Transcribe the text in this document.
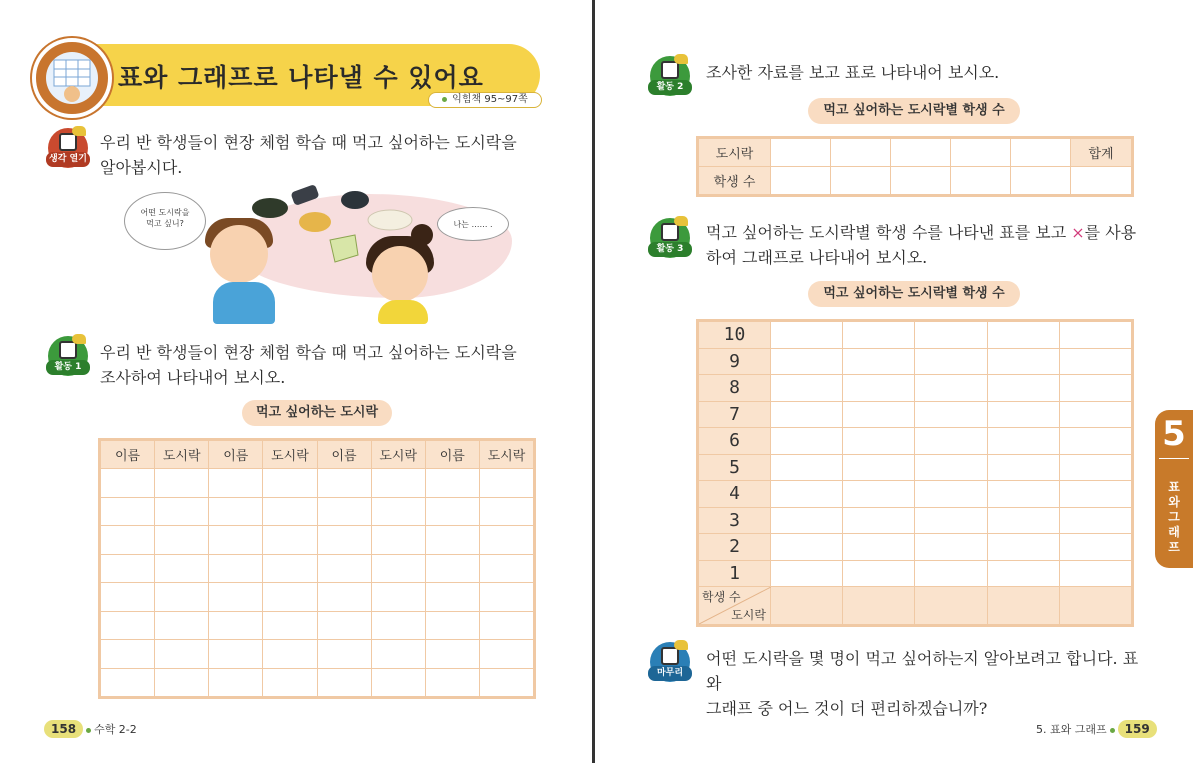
표와 그래프로 나타낼 수 있어요
익힘책 95~97쪽
생각 열기
우리 반 학생들이 현장 체험 학습 때 먹고 싶어하는 도시락을
알아봅시다.
어떤 도시락을 먹고 싶니?	나는 …… .
활동 1
우리 반 학생들이 현장 체험 학습 때 먹고 싶어하는 도시락을
조사하여 나타내어 보시오.
먹고 싶어하는 도시락
이름	도시락	이름	도시락	이름	도시락	이름	도시락

158 수학 2-2
활동 2
조사한 자료를 보고 표로 나타내어 보시오.
먹고 싶어하는 도시락별 학생 수
도시락						합계
학생 수						
활동 3
먹고 싶어하는 도시락별 학생 수를 나타낸 표를 보고 ×를 사용
하여 그래프로 나타내어 보시오.
먹고 싶어하는 도시락별 학생 수
10					
9					
8					
7					
6					
5					
4					
3					
2					
1					

학생 수
도시락					

마무리
어떤 도시락을 몇 명이 먹고 싶어하는지 알아보려고 합니다. 표와
그래프 중 어느 것이 더 편리하겠습니까?
5. 표와 그래프 159
5
표
와
그
래
프
